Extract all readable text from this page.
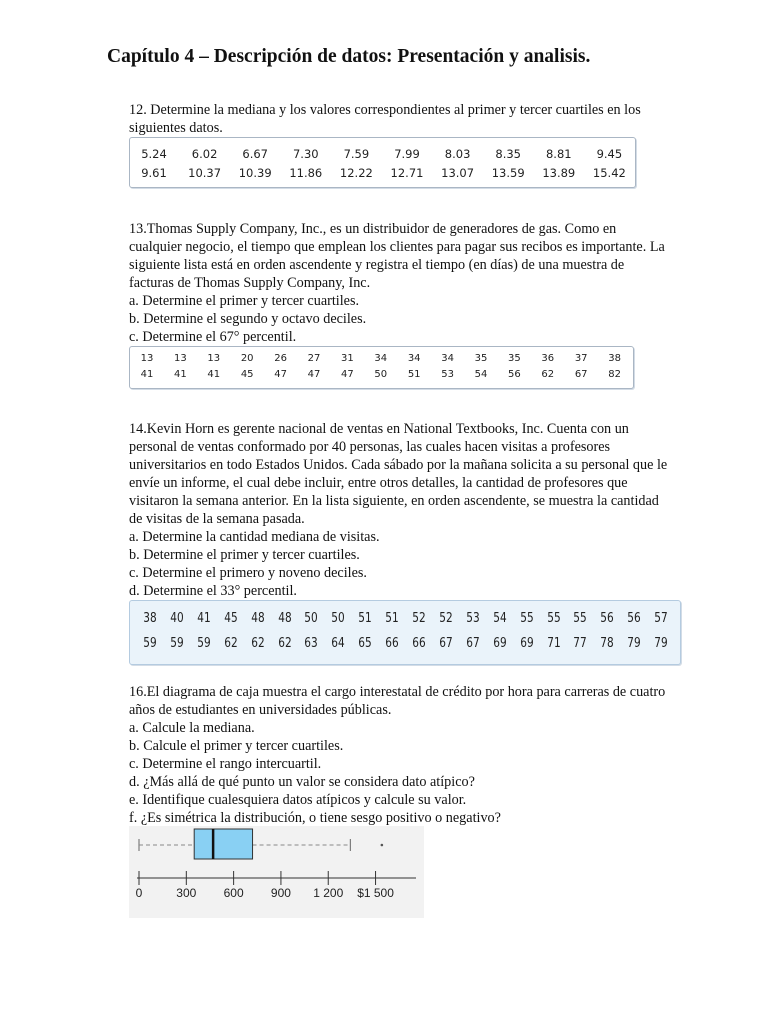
Capítulo 4 – Descripción de datos: Presentación y analisis.

12. Determine la mediana y los valores correspondientes al primer y tercer cuartiles en los siguientes datos.

5.24 6.02 6.67 7.30 7.59 7.99 8.03 8.35 8.81 9.45
9.61 10.37 10.39 11.86 12.22 12.71 13.07 13.59 13.89 15.42

13.Thomas Supply Company, Inc., es un distribuidor de generadores de gas. Como en cualquier negocio, el tiempo que emplean los clientes para pagar sus recibos es importante. La siguiente lista está en orden ascendente y registra el tiempo (en días) de una muestra de facturas de Thomas Supply Company, Inc.

a. Determine el primer y tercer cuartiles.

b. Determine el segundo y octavo deciles.

c. Determine el 67° percentil.

13 13 13 20 26 27 31 34 34 34 35 35 36 37 38
41 41 41 45 47 47 47 50 51 53 54 56 62 67 82

14.Kevin Horn es gerente nacional de ventas en National Textbooks, Inc. Cuenta con un personal de ventas conformado por 40 personas, las cuales hacen visitas a profesores universitarios en todo Estados Unidos. Cada sábado por la mañana solicita a su personal que le envíe un informe, el cual debe incluir, entre otros detalles, la cantidad de profesores que visitaron la semana anterior. En la lista siguiente, en orden ascendente, se muestra la cantidad de visitas de la semana pasada.

a. Determine la cantidad mediana de visitas.

b. Determine el primer y tercer cuartiles.

c. Determine el primero y noveno deciles.

d. Determine el 33° percentil.

38 40 41 45 48 48 50 50 51 51 52 52 53 54 55 55 55 56 56 57
59 59 59 62 62 62 63 64 65 66 66 67 67 69 69 71 77 78 79 79

16.El diagrama de caja muestra el cargo interestatal de crédito por hora para carreras de cuatro años de estudiantes en universidades públicas.

a. Calcule la mediana.

b. Calcule el primer y tercer cuartiles.

c. Determine el rango intercuartil.

d. ¿Más allá de qué punto un valor se considera dato atípico?

e. Identifique cualesquiera datos atípicos y calcule su valor.

f. ¿Es simétrica la distribución, o tiene sesgo positivo o negativo?

0	300 600 900 1 200 $1 500
